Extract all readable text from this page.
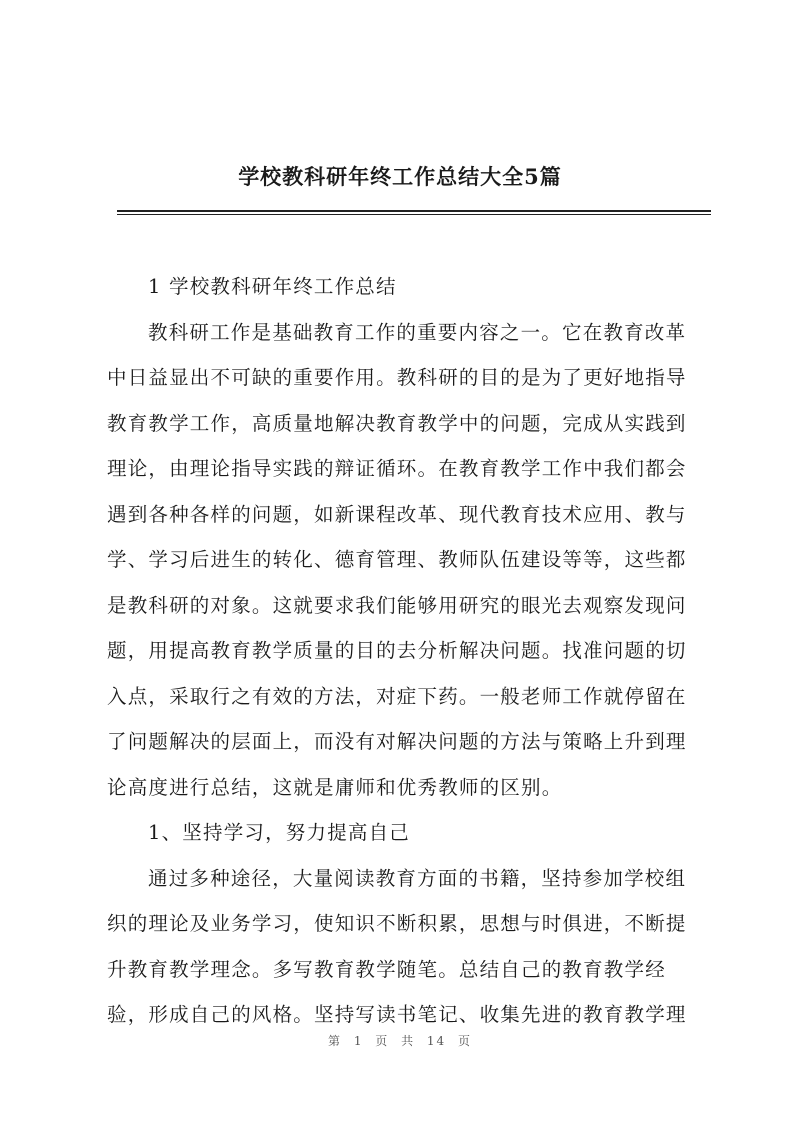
学校教科研年终工作总结大全5篇
1 学校教科研年终工作总结
教科研工作是基础教育工作的重要内容之一。它在教育改革
中日益显出不可缺的重要作用。教科研的目的是为了更好地指导
教育教学工作，高质量地解决教育教学中的问题，完成从实践到
理论，由理论指导实践的辩证循环。在教育教学工作中我们都会
遇到各种各样的问题，如新课程改革、现代教育技术应用、教与
学、学习后进生的转化、德育管理、教师队伍建设等等，这些都
是教科研的对象。这就要求我们能够用研究的眼光去观察发现问
题，用提高教育教学质量的目的去分析解决问题。找准问题的切
入点，采取行之有效的方法，对症下药。一般老师工作就停留在
了问题解决的层面上，而没有对解决问题的方法与策略上升到理
论高度进行总结，这就是庸师和优秀教师的区别。
1、坚持学习，努力提高自己
通过多种途径，大量阅读教育方面的书籍，坚持参加学校组
织的理论及业务学习，使知识不断积累，思想与时俱进，不断提
升教育教学理念。多写教育教学随笔。总结自己的教育教学经
验，形成自己的风格。坚持写读书笔记、收集先进的教育教学理
第 1 页 共 14 页
